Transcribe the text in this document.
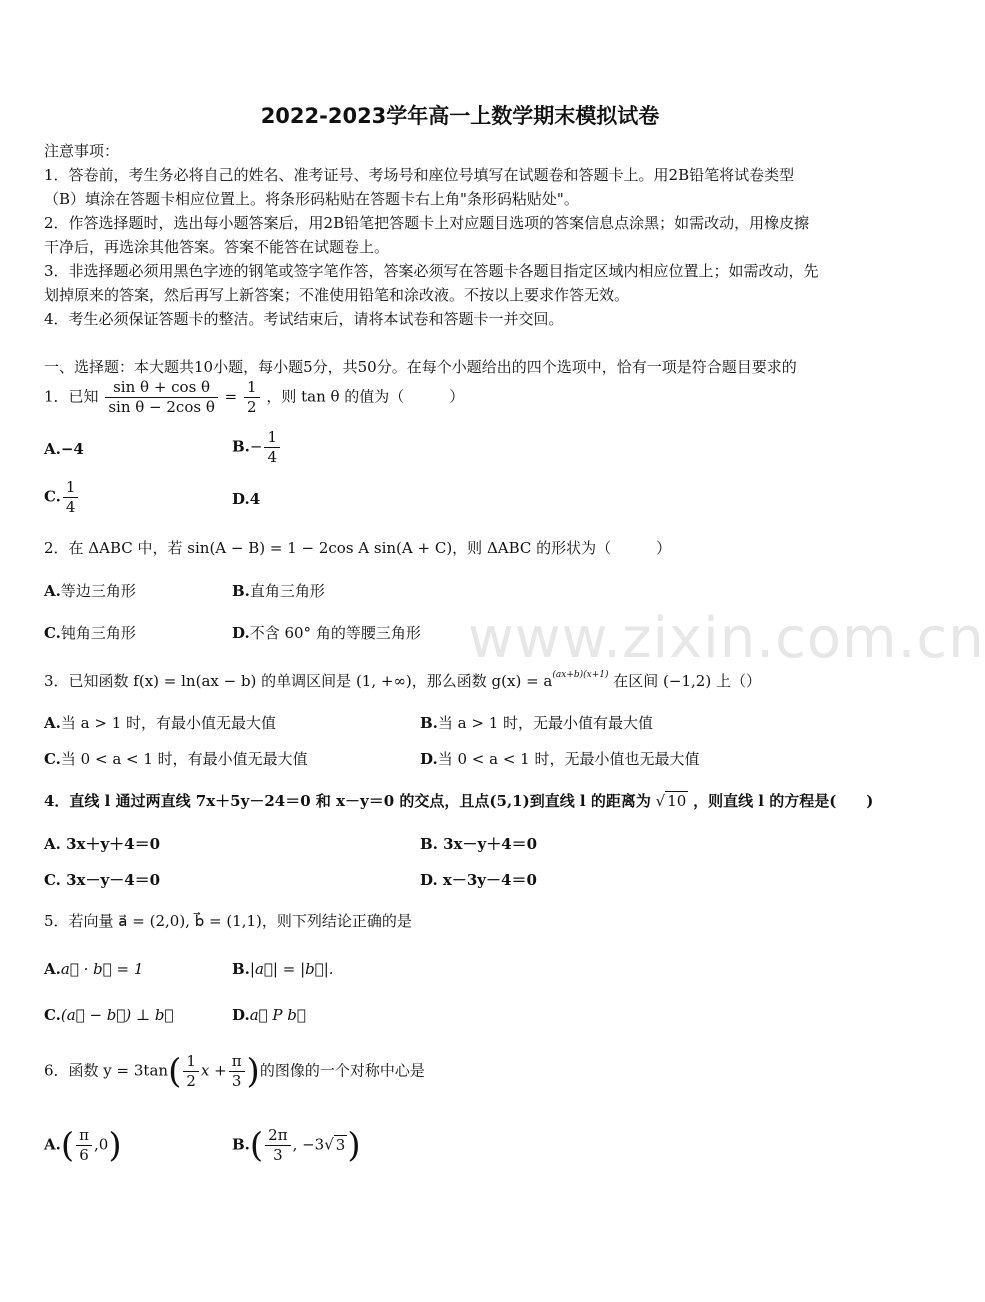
www.zixin.com.cn
2022-2023学年高一上数学期末模拟试卷
注意事项：
1．答卷前，考生务必将自己的姓名、准考证号、考场号和座位号填写在试题卷和答题卡上。用2B铅笔将试卷类型
（B）填涂在答题卡相应位置上。将条形码粘贴在答题卡右上角"条形码粘贴处"。
2．作答选择题时，选出每小题答案后，用2B铅笔把答题卡上对应题目选项的答案信息点涂黑；如需改动，用橡皮擦
干净后，再选涂其他答案。答案不能答在试题卷上。
3．非选择题必须用黑色字迹的钢笔或签字笔作答，答案必须写在答题卡各题目指定区域内相应位置上；如需改动，先
划掉原来的答案，然后再写上新答案；不准使用铅笔和涂改液。不按以上要求作答无效。
4．考生必须保证答题卡的整洁。考试结束后，请将本试卷和答题卡一并交回。
一、选择题：本大题共10小题，每小题5分，共50分。在每个小题给出的四个选项中，恰有一项是符合题目要求的
1．已知 $\frac{\text{sin θ + cos θ}}{\text{sin θ − 2cos θ}} = \frac{1}{2}$ ，则 tan θ 的值为（　　　）
A.−4	$B.- \frac{1}{4}$
C. $\frac{1}{4}$	D.4
2．在 ΔABC 中，若 sin(A − B) = 1 − 2cos A sin(A + C)，则 ΔABC 的形状为（　　　）
A.等边三角形	B.直角三角形
C.钝角三角形	D.不含 60° 角的等腰三角形
3．已知函数 f(x) = ln(ax − b) 的单调区间是 (1, +∞)，那么函数 $g(x) = a^{(ax+b)(x+1)}$ 在区间 (−1,2) 上（）
A.当 a > 1 时，有最小值无最大值	B.当 a > 1 时，无最小值有最大值
C.当 0 < a < 1 时，有最小值无最大值	D.当 0 < a < 1 时，无最小值也无最大值
4．直线 l 通过两直线 7x＋5y－24＝0 和 x－y＝0 的交点，且点(5,1)到直线 l 的距离为 √ 10 ，则直线 l 的方程是(　　)
A. 3x＋y＋4＝0	B. 3x－y＋4＝0
C. 3x－y－4＝0	D. x－3y－4＝0
5．若向量 a⃗ = (2,0), b⃗ = (1,1)，则下列结论正确的是
A.a⃗ · b⃗ = 1	B.|a⃗| = |b⃗|.
C.(a⃗ − b⃗) ⊥ b⃗	D.a⃗ P b⃗
6．函数 $y = 3\tan( \frac{1}{2}$ $x + \frac{\pi}{3}$ )的图像的一个对称中心是
$A.( \frac{\pi}{6} ,0)$	$B.( \frac{2\pi}{3}$ , −3√ 3)
